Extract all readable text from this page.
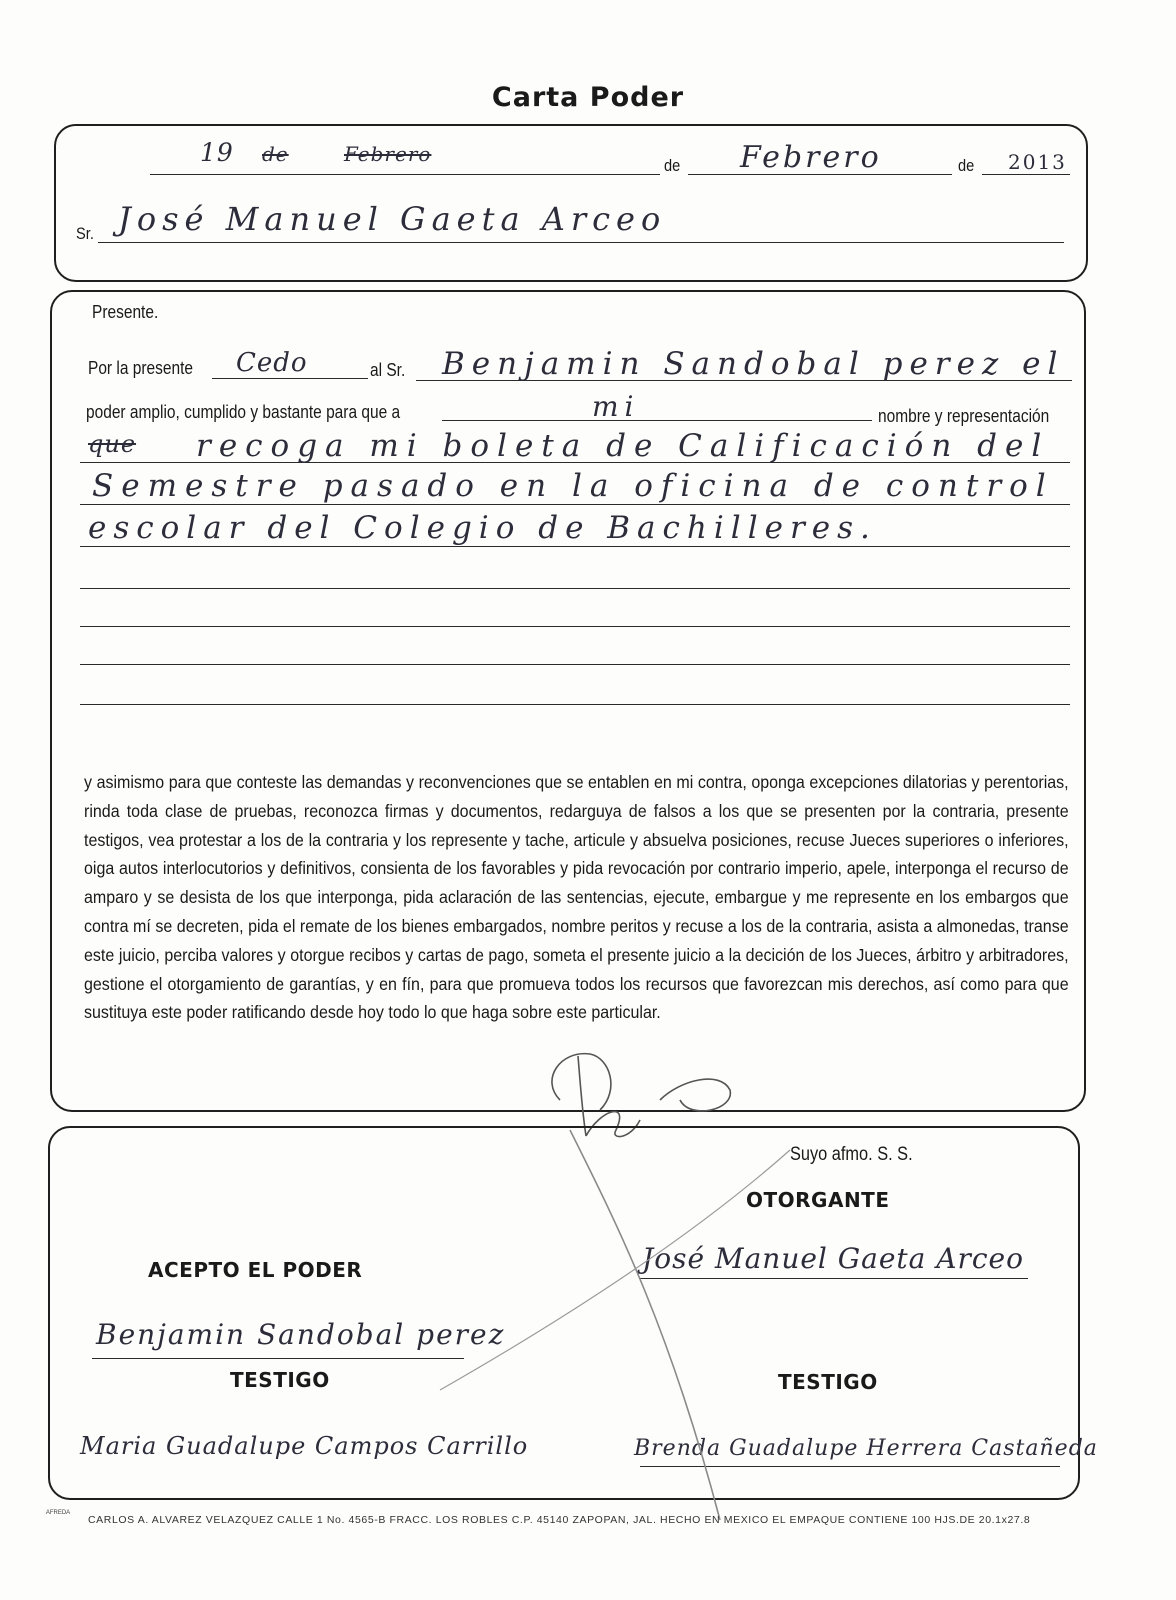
Carta Poder
19 de	Febrero	de Febrero	de 2013
Sr. José Manuel Gaeta Arceo
Presente.
Por la presente Cedo	al Sr. Benjamin Sandobal perez el
poder amplio, cumplido y bastante para que a	mi	nombre y representación
que recoga mi boleta de Calificación del
Semestre pasado en la oficina de control
escolar del Colegio de Bachilleres.
y asimismo para que conteste las demandas y reconvenciones que se entablen en mi contra, oponga excepciones dilatorias y perentorias, rinda toda clase de pruebas, reconozca firmas y documentos, redarguya de falsos a los que se presenten por la contraria, presente testigos, vea protestar a los de la contraria y los represente y tache, articule y absuelva posiciones, recuse Jueces superiores o inferiores, oiga autos interlocutorios y definitivos, consienta de los favorables y pida revocación por contrario imperio, apele, interponga el recurso de amparo y se desista de los que interponga, pida aclaración de las sentencias, ejecute, embargue y me represente en los embargos que contra mí se decreten, pida el remate de los bienes embargados, nombre peritos y recuse a los de la contraria, asista a almonedas, transe este juicio, perciba valores y otorgue recibos y cartas de pago, someta el presente juicio a la decición de los Jueces, árbitro y arbitradores, gestione el otorgamiento de garantías, y en fín, para que promueva todos los recursos que favorezcan mis derechos, así como para que sustituya este poder ratificando desde hoy todo lo que haga sobre este particular.
Suyo afmo. S. S.
OTORGANTE
José Manuel Gaeta Arceo
ACEPTO EL PODER
Benjamin Sandobal perez
TESTIGO	TESTIGO
Maria Guadalupe Campos Carrillo	Brenda Guadalupe Herrera Castañeda
AFREDA
CARLOS A. ALVAREZ VELAZQUEZ CALLE 1 No. 4565-B FRACC. LOS ROBLES C.P. 45140 ZAPOPAN, JAL. HECHO EN MEXICO EL EMPAQUE CONTIENE 100 HJS.DE 20.1x27.8
